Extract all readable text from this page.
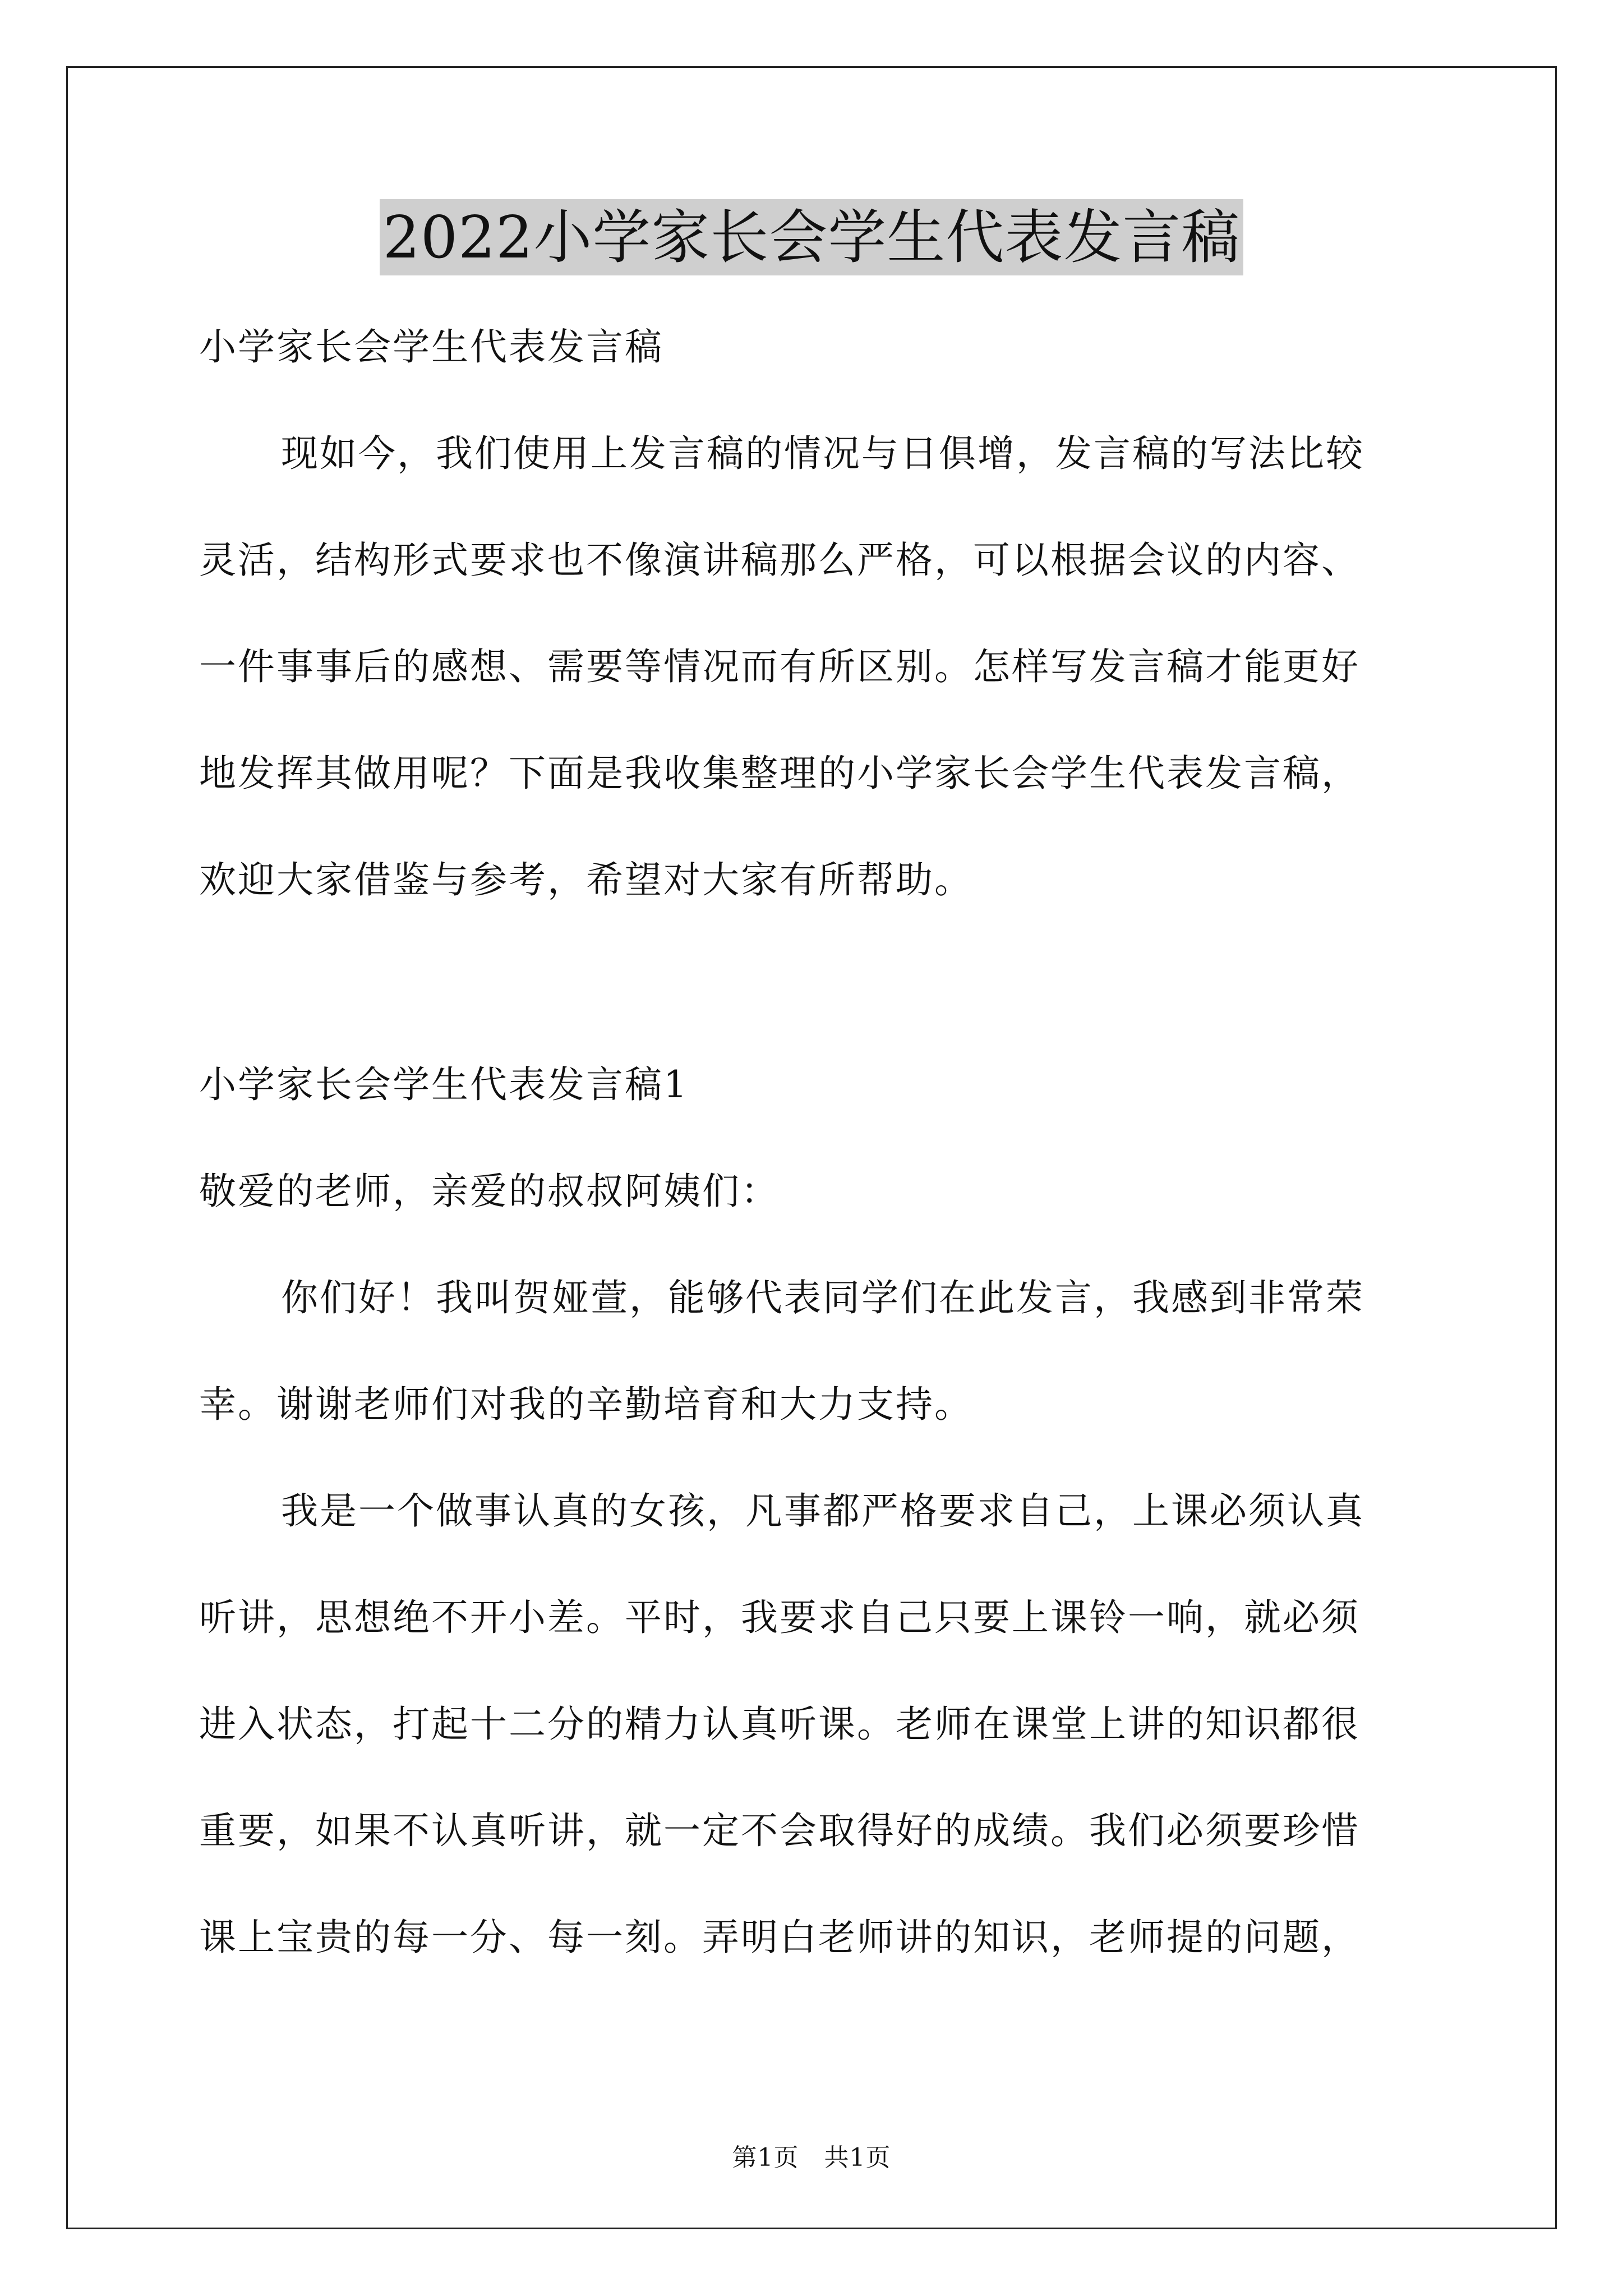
2022小学家长会学生代表发言稿
小学家长会学生代表发言稿
现如今，我们使用上发言稿的情况与日俱增，发言稿的写法比较
灵活，结构形式要求也不像演讲稿那么严格，可以根据会议的内容、
一件事事后的感想、需要等情况而有所区别。怎样写发言稿才能更好
地发挥其做用呢？下面是我收集整理的小学家长会学生代表发言稿，
欢迎大家借鉴与参考，希望对大家有所帮助。
小学家长会学生代表发言稿1
敬爱的老师，亲爱的叔叔阿姨们：
你们好！我叫贺娅萱，能够代表同学们在此发言，我感到非常荣
幸。谢谢老师们对我的辛勤培育和大力支持。
我是一个做事认真的女孩，凡事都严格要求自己，上课必须认真
听讲，思想绝不开小差。平时，我要求自己只要上课铃一响，就必须
进入状态，打起十二分的精力认真听课。老师在课堂上讲的知识都很
重要，如果不认真听讲，就一定不会取得好的成绩。我们必须要珍惜
课上宝贵的每一分、每一刻。弄明白老师讲的知识，老师提的问题，
第1页　共1页
